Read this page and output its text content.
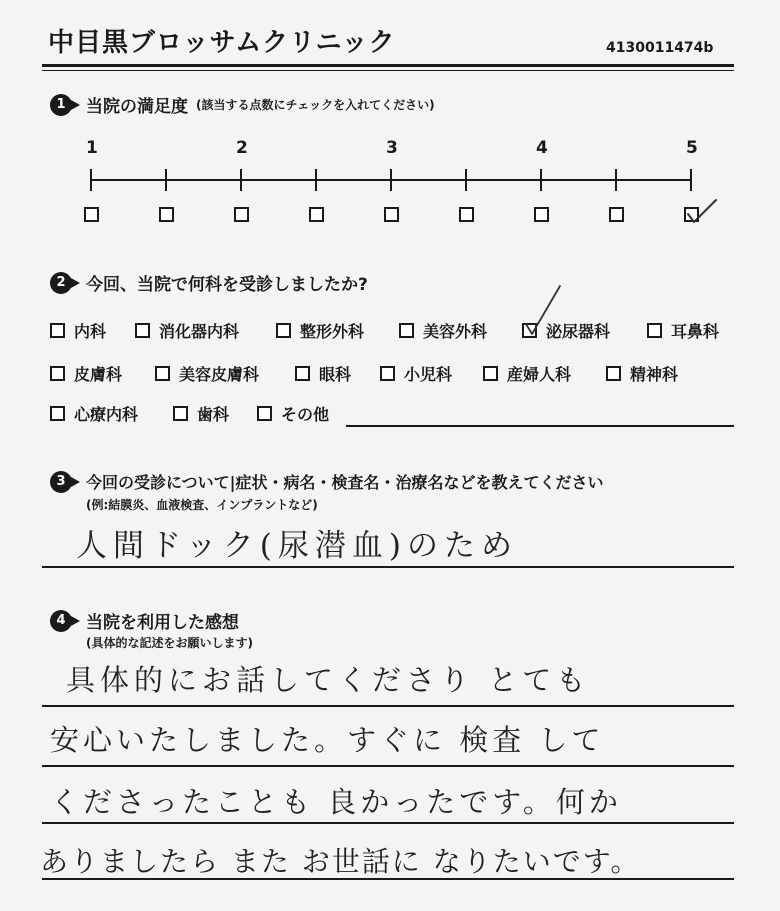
中目黒ブロッサムクリニック	4130011474b
1	当院の満足度 (該当する点数にチェックを入れてください)
1	2	3	4	5
2	今回、当院で何科を受診しましたか?
内科	消化器内科	整形外科	美容外科	泌尿器科	耳鼻科
皮膚科	美容皮膚科	眼科	小児科	産婦人科	精神科
心療内科	歯科	その他
3	今回の受診について|症状・病名・検査名・治療名などを教えてください
(例:結膜炎、血液検査、インプラントなど)
人間ドック(尿潜血)のため
4	当院を利用した感想
(具体的な記述をお願いします)
具体的にお話してくださり とても
安心いたしました。すぐに 検査 して
くださったことも 良かったです。何か
ありましたら また お世話に なりたいです。
